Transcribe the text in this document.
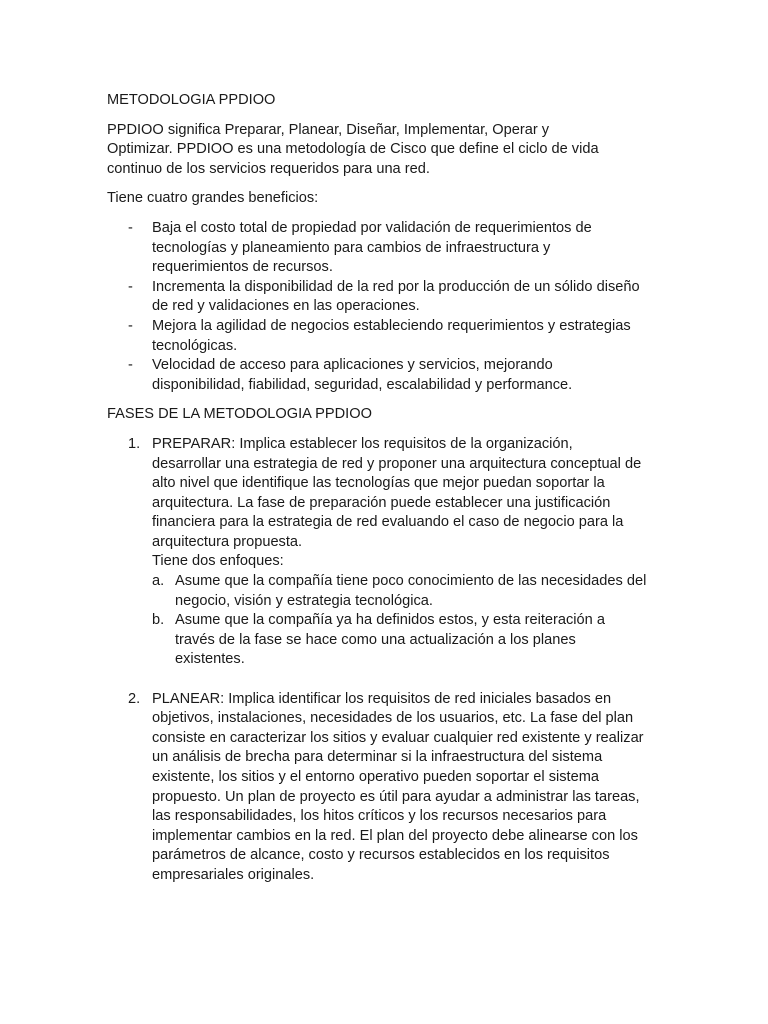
METODOLOGIA PPDIOO

PPDIOO significa Preparar, Planear, Diseñar, Implementar, Operar y
Optimizar. PPDIOO es una metodología de Cisco que define el ciclo de vida
continuo de los servicios requeridos para una red.

Tiene cuatro grandes beneficios:

- Baja el costo total de propiedad por validación de requerimientos de
tecnologías y planeamiento para cambios de infraestructura y
requerimientos de recursos.
- Incrementa la disponibilidad de la red por la producción de un sólido diseño
de red y validaciones en las operaciones.
- Mejora la agilidad de negocios estableciendo requerimientos y estrategias
tecnológicas.
- Velocidad de acceso para aplicaciones y servicios, mejorando
disponibilidad, fiabilidad, seguridad, escalabilidad y performance.
FASES DE LA METODOLOGIA PPDIOO
1. PREPARAR: Implica establecer los requisitos de la organización,
desarrollar una estrategia de red y proponer una arquitectura conceptual de
alto nivel que identifique las tecnologías que mejor puedan soportar la
arquitectura. La fase de preparación puede establecer una justificación
financiera para la estrategia de red evaluando el caso de negocio para la
arquitectura propuesta.
Tiene dos enfoques:
a. Asume que la compañía tiene poco conocimiento de las necesidades del
negocio, visión y estrategia tecnológica.
b. Asume que la compañía ya ha definidos estos, y esta reiteración a
través de la fase se hace como una actualización a los planes
existentes.
2. PLANEAR: Implica identificar los requisitos de red iniciales basados en
objetivos, instalaciones, necesidades de los usuarios, etc. La fase del plan
consiste en caracterizar los sitios y evaluar cualquier red existente y realizar
un análisis de brecha para determinar si la infraestructura del sistema
existente, los sitios y el entorno operativo pueden soportar el sistema
propuesto. Un plan de proyecto es útil para ayudar a administrar las tareas,
las responsabilidades, los hitos críticos y los recursos necesarios para
implementar cambios en la red. El plan del proyecto debe alinearse con los
parámetros de alcance, costo y recursos establecidos en los requisitos
empresariales originales.
